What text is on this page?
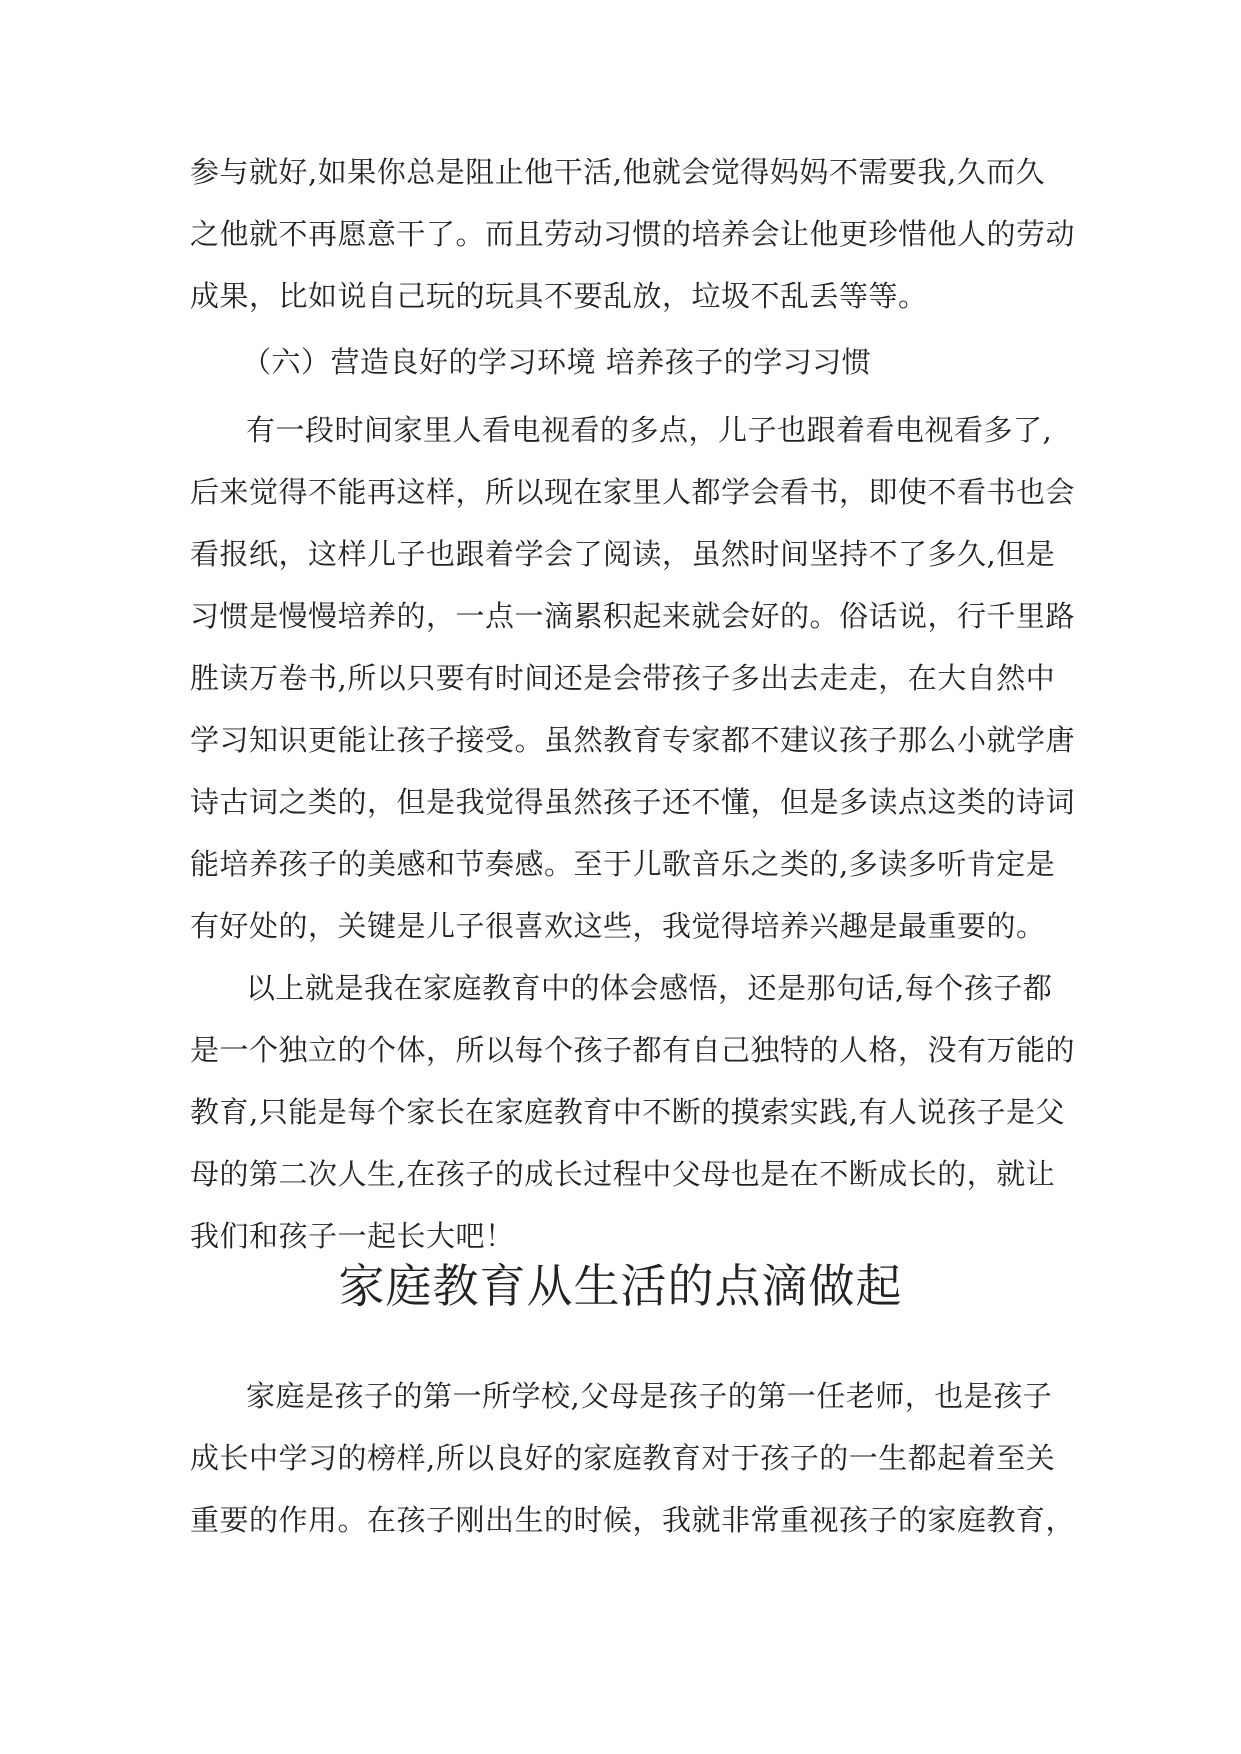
参与就好,如果你总是阻止他干活,他就会觉得妈妈不需要我,久而久
之他就不再愿意干了。而且劳动习惯的培养会让他更珍惜他人的劳动
成果，比如说自己玩的玩具不要乱放，垃圾不乱丢等等。
（六）营造良好的学习环境 培养孩子的学习习惯
有一段时间家里人看电视看的多点，儿子也跟着看电视看多了,
后来觉得不能再这样，所以现在家里人都学会看书，即使不看书也会
看报纸，这样儿子也跟着学会了阅读，虽然时间坚持不了多久,但是
习惯是慢慢培养的，一点一滴累积起来就会好的。俗话说，行千里路
胜读万卷书,所以只要有时间还是会带孩子多出去走走，在大自然中
学习知识更能让孩子接受。虽然教育专家都不建议孩子那么小就学唐
诗古词之类的，但是我觉得虽然孩子还不懂，但是多读点这类的诗词
能培养孩子的美感和节奏感。至于儿歌音乐之类的,多读多听肯定是
有好处的，关键是儿子很喜欢这些，我觉得培养兴趣是最重要的。
以上就是我在家庭教育中的体会感悟，还是那句话,每个孩子都
是一个独立的个体，所以每个孩子都有自己独特的人格，没有万能的
教育,只能是每个家长在家庭教育中不断的摸索实践,有人说孩子是父
母的第二次人生,在孩子的成长过程中父母也是在不断成长的，就让
我们和孩子一起长大吧！
家庭教育从生活的点滴做起
家庭是孩子的第一所学校,父母是孩子的第一任老师，也是孩子
成长中学习的榜样,所以良好的家庭教育对于孩子的一生都起着至关
重要的作用。在孩子刚出生的时候，我就非常重视孩子的家庭教育，
